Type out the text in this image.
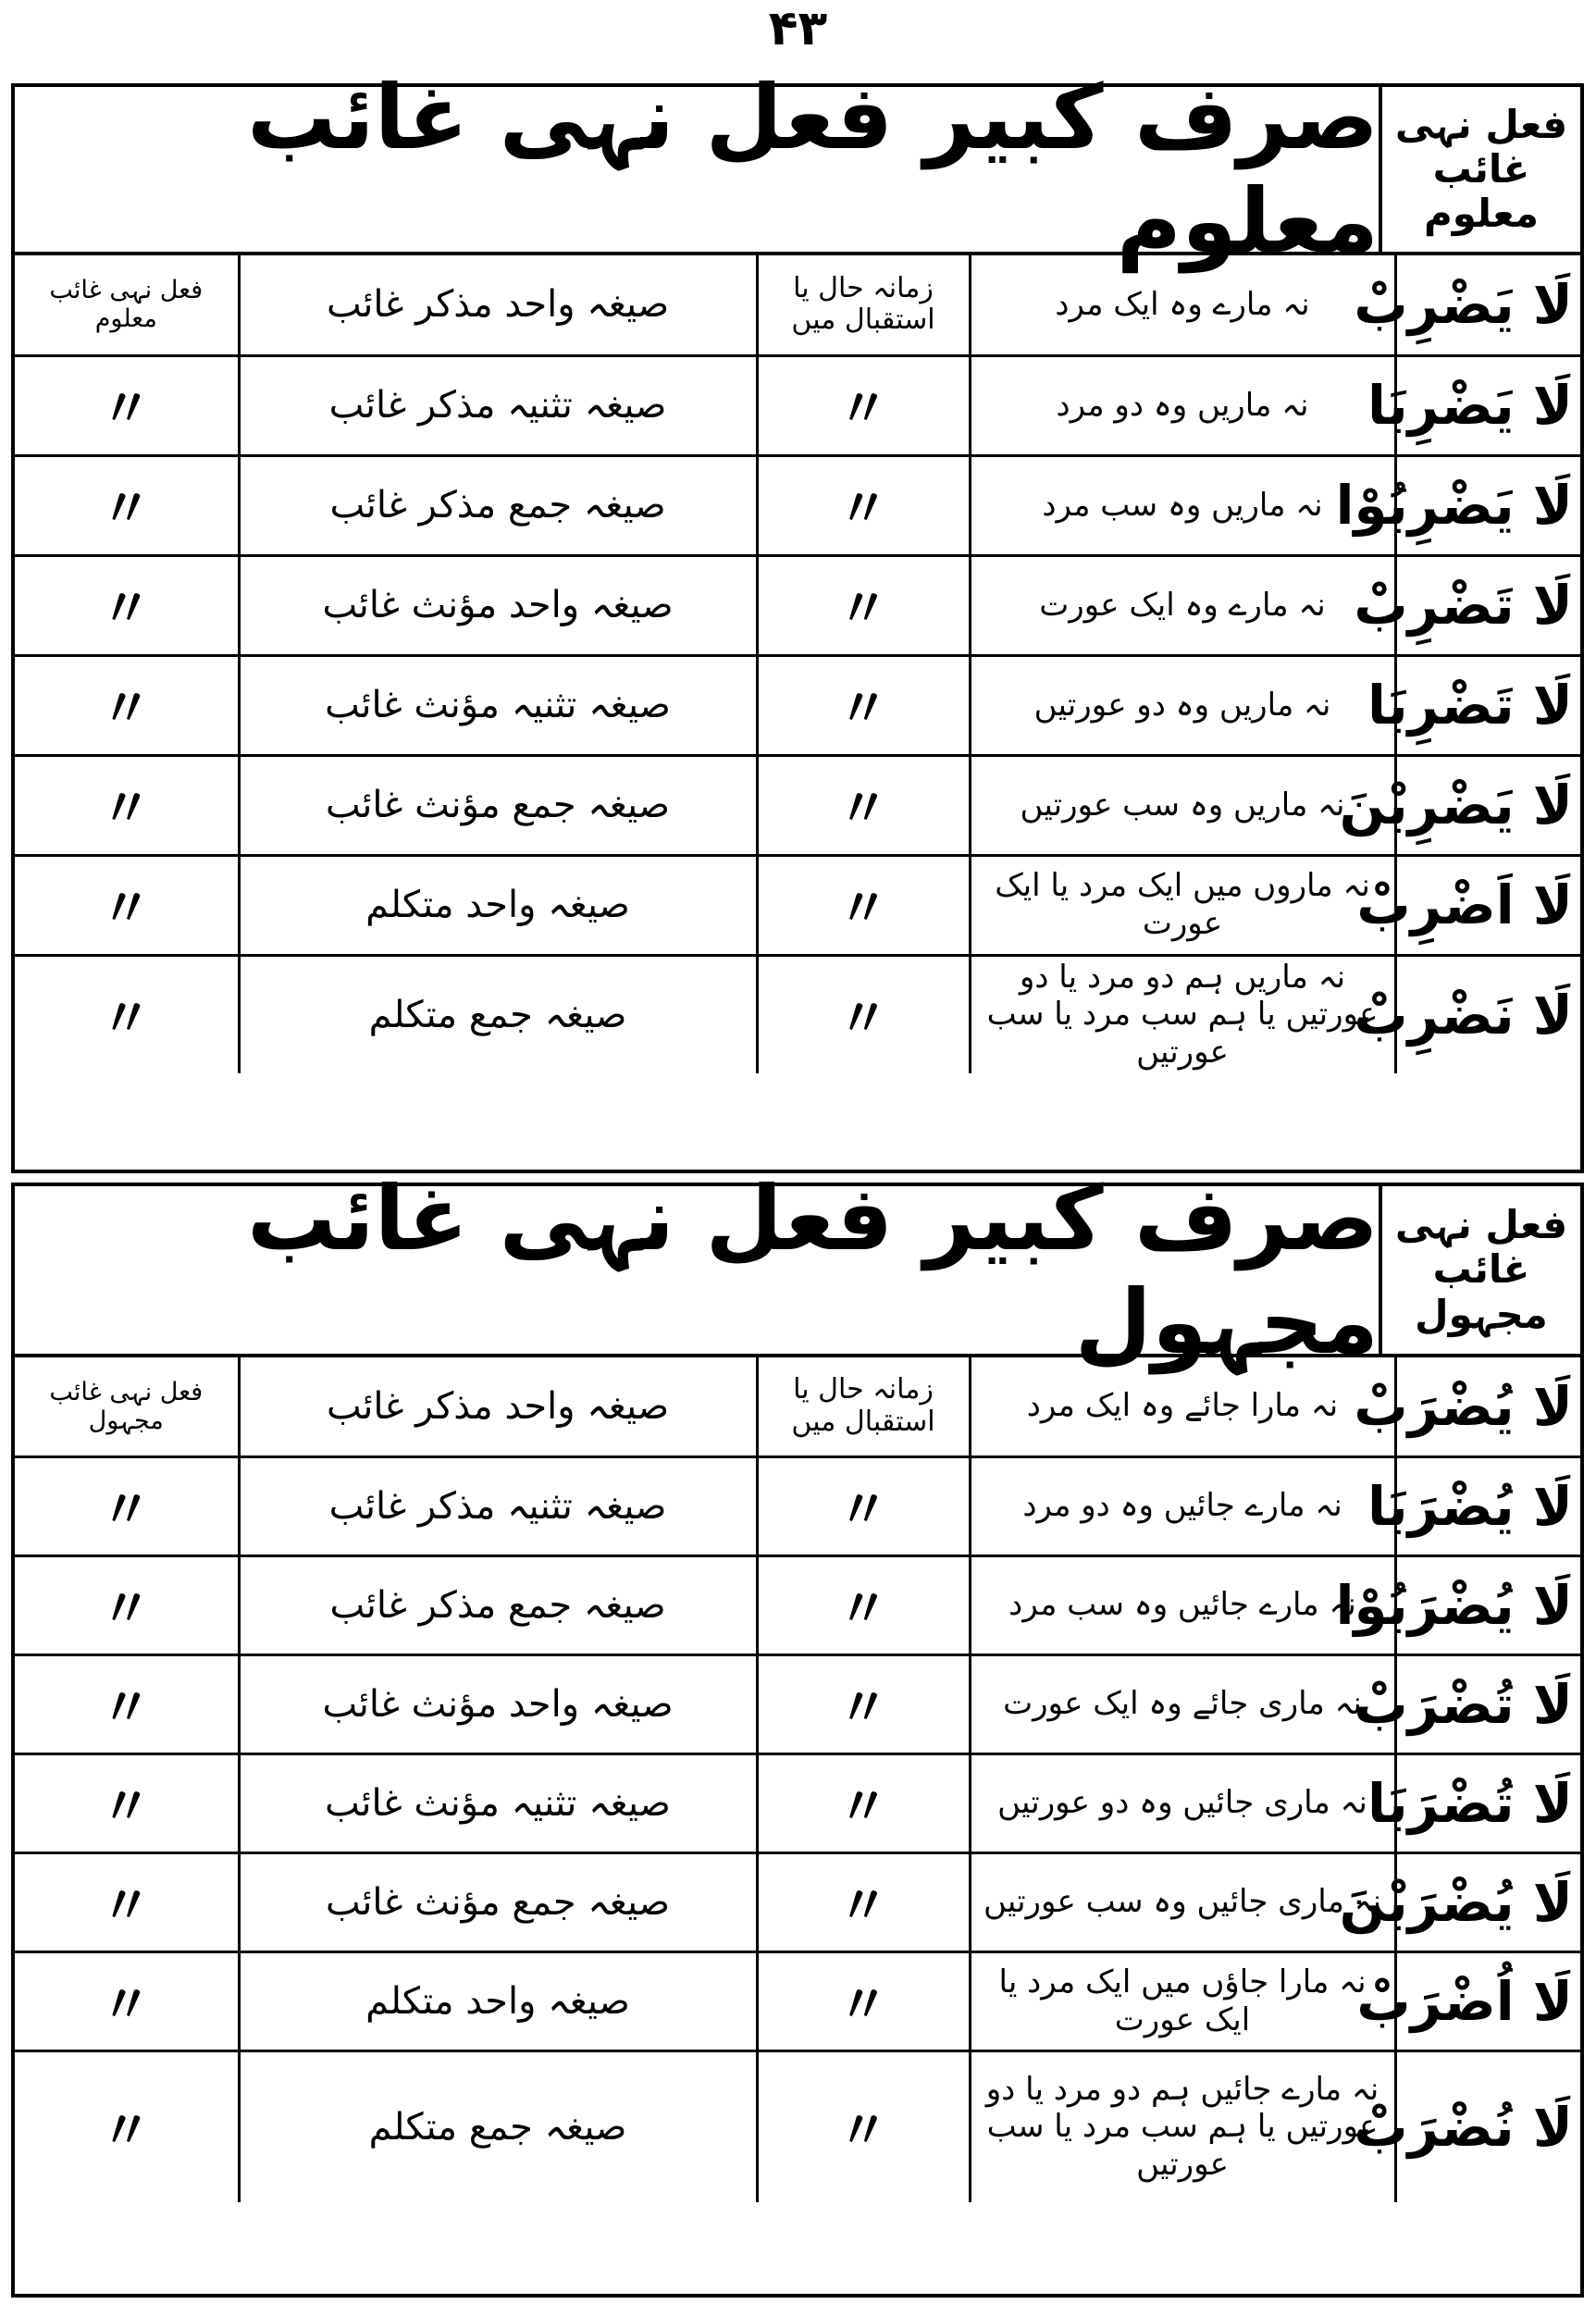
۴۳
فعل نہی غائب معلوم
صرف کبیر فعل نہی غائب معلوم
لَا یَضْرِبْ	نہ مارے وہ ایک مرد	زمانہ حال یا استقبال میں	صیغہ واحد مذکر غائب	فعل نہی غائب معلوم
لَا یَضْرِبَا	نہ ماریں وہ دو مرد	〃	صیغہ تثنیہ مذکر غائب	〃
لَا یَضْرِبُوْا	نہ ماریں وہ سب مرد	〃	صیغہ جمع مذکر غائب	〃
لَا تَضْرِبْ	نہ مارے وہ ایک عورت	〃	صیغہ واحد مؤنث غائب	〃
لَا تَضْرِبَا	نہ ماریں وہ دو عورتیں	〃	صیغہ تثنیہ مؤنث غائب	〃
لَا یَضْرِبْنَ	نہ ماریں وہ سب عورتیں	〃	صیغہ جمع مؤنث غائب	〃
لَا اَضْرِبْ	نہ ماروں میں ایک مرد یا ایک عورت	〃	صیغہ واحد متکلم	〃
لَا نَضْرِبْ	نہ ماریں ہم دو مرد یا دو عورتیں یا ہم سب مرد یا سب عورتیں	〃	صیغہ جمع متکلم	〃
فعل نہی غائب مجہول
صرف کبیر فعل نہی غائب مجہول
لَا یُضْرَبْ	نہ مارا جائے وہ ایک مرد	زمانہ حال یا استقبال میں	صیغہ واحد مذکر غائب	فعل نہی غائب مجہول
لَا یُضْرَبَا	نہ مارے جائیں وہ دو مرد	〃	صیغہ تثنیہ مذکر غائب	〃
لَا یُضْرَبُوْا	نہ مارے جائیں وہ سب مرد	〃	صیغہ جمع مذکر غائب	〃
لَا تُضْرَبْ	نہ ماری جائے وہ ایک عورت	〃	صیغہ واحد مؤنث غائب	〃
لَا تُضْرَبَا	نہ ماری جائیں وہ دو عورتیں	〃	صیغہ تثنیہ مؤنث غائب	〃
لَا یُضْرَبْنَ	نہ ماری جائیں وہ سب عورتیں	〃	صیغہ جمع مؤنث غائب	〃
لَا اُضْرَبْ	نہ مارا جاؤں میں ایک مرد یا ایک عورت	〃	صیغہ واحد متکلم	〃
لَا نُضْرَبْ	نہ مارے جائیں ہم دو مرد یا دو عورتیں یا ہم سب مرد یا سب عورتیں	〃	صیغہ جمع متکلم	〃
